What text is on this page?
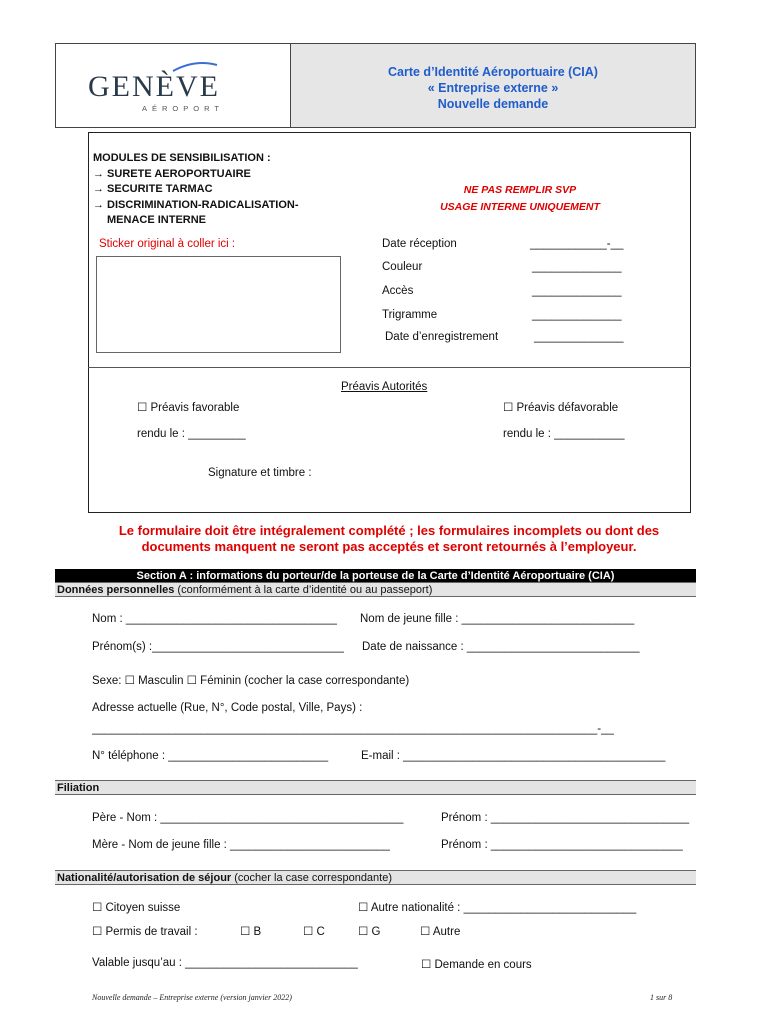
GENÈVE
AÉROPORT
Carte d’Identité Aéroportuaire (CIA)
« Entreprise externe »
Nouvelle demande
MODULES DE SENSIBILISATION :
→ SURETE AEROPORTUAIRE
→ SECURITE TARMAC
→ DISCRIMINATION-RADICALISATION-
MENACE INTERNE
NE PAS REMPLIR SVP
USAGE INTERNE UNIQUEMENT
Sticker original à coller ici :	Date réception	____________-__
Couleur	______________
Accès	______________
Trigramme	______________
Date d’enregistrement	______________
Préavis Autorités
☐ Préavis favorable	☐ Préavis défavorable
rendu le : _________	rendu le : ___________
Signature et timbre :
Le formulaire doit être intégralement complété ; les formulaires incomplets ou dont des
documents manquent ne seront pas acceptés et seront retournés à l’employeur.
Section A : informations du porteur/de la porteuse de la Carte d’Identité Aéroportuaire (CIA)
Données personnelles (conformément à la carte d’identité ou au passeport)
Nom : _________________________________ Nom de jeune fille : ___________________________
Prénom(s) :______________________________ Date de naissance : ___________________________
Sexe: ☐ Masculin ☐ Féminin (cocher la case correspondante)
Adresse actuelle (Rue, N°, Code postal, Ville, Pays) :
_______________________________________________________________________________-__
N° téléphone : _________________________	E-mail : _________________________________________
Filiation
Père - Nom : ______________________________________	Prénom : _______________________________
Mère - Nom de jeune fille : _________________________	Prénom : ______________________________
Nationalité/autorisation de séjour (cocher la case correspondante)
☐ Citoyen suisse	☐ Autre nationalité : ___________________________
☐ Permis de travail :	☐ B	☐ C	☐ G	☐ Autre
Valable jusqu’au : ___________________________	☐ Demande en cours
Nouvelle demande – Entreprise externe (version janvier 2022)	1 sur 8
